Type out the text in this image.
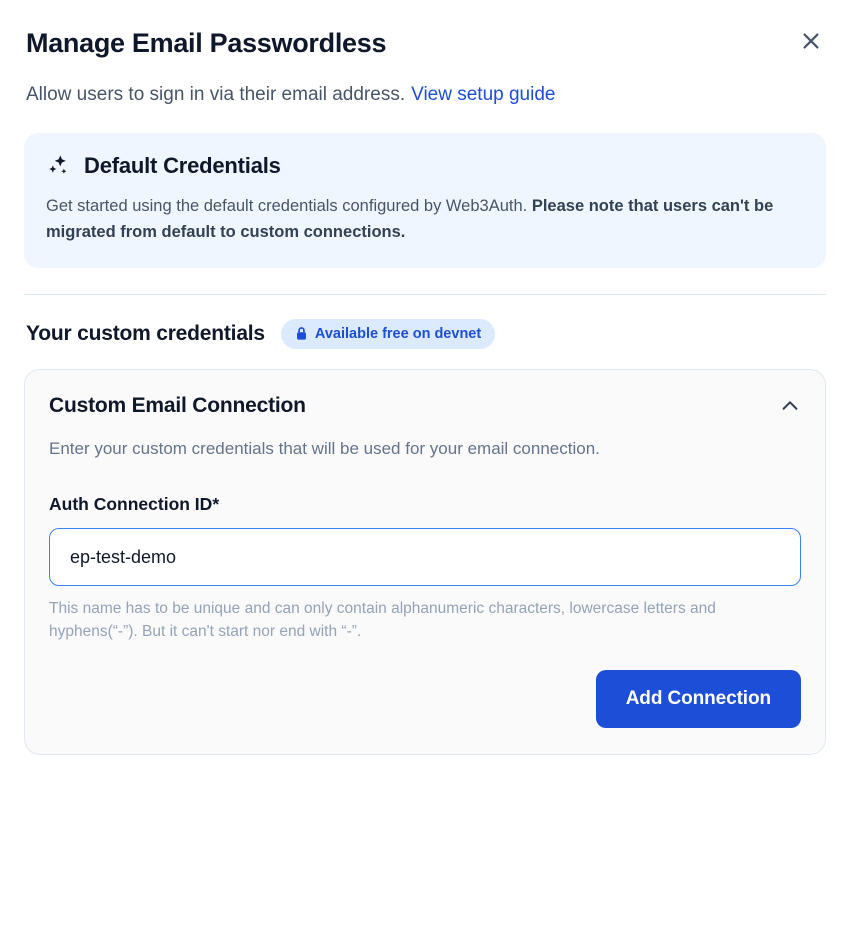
Manage Email Passwordless

Allow users to sign in via their email address. View setup guide

Default Credentials
Get started using the default credentials configured by Web3Auth. Please note that users can't be migrated from default to custom connections.
Your custom credentials	Available free on devnet
Custom Email Connection

Enter your custom credentials that will be used for your email connection.

Auth Connection ID*
ep-test-demo

This name has to be unique and can only contain alphanumeric characters, lowercase letters and hyphens(“-”). But it can't start nor end with “-”.

Add Connection
